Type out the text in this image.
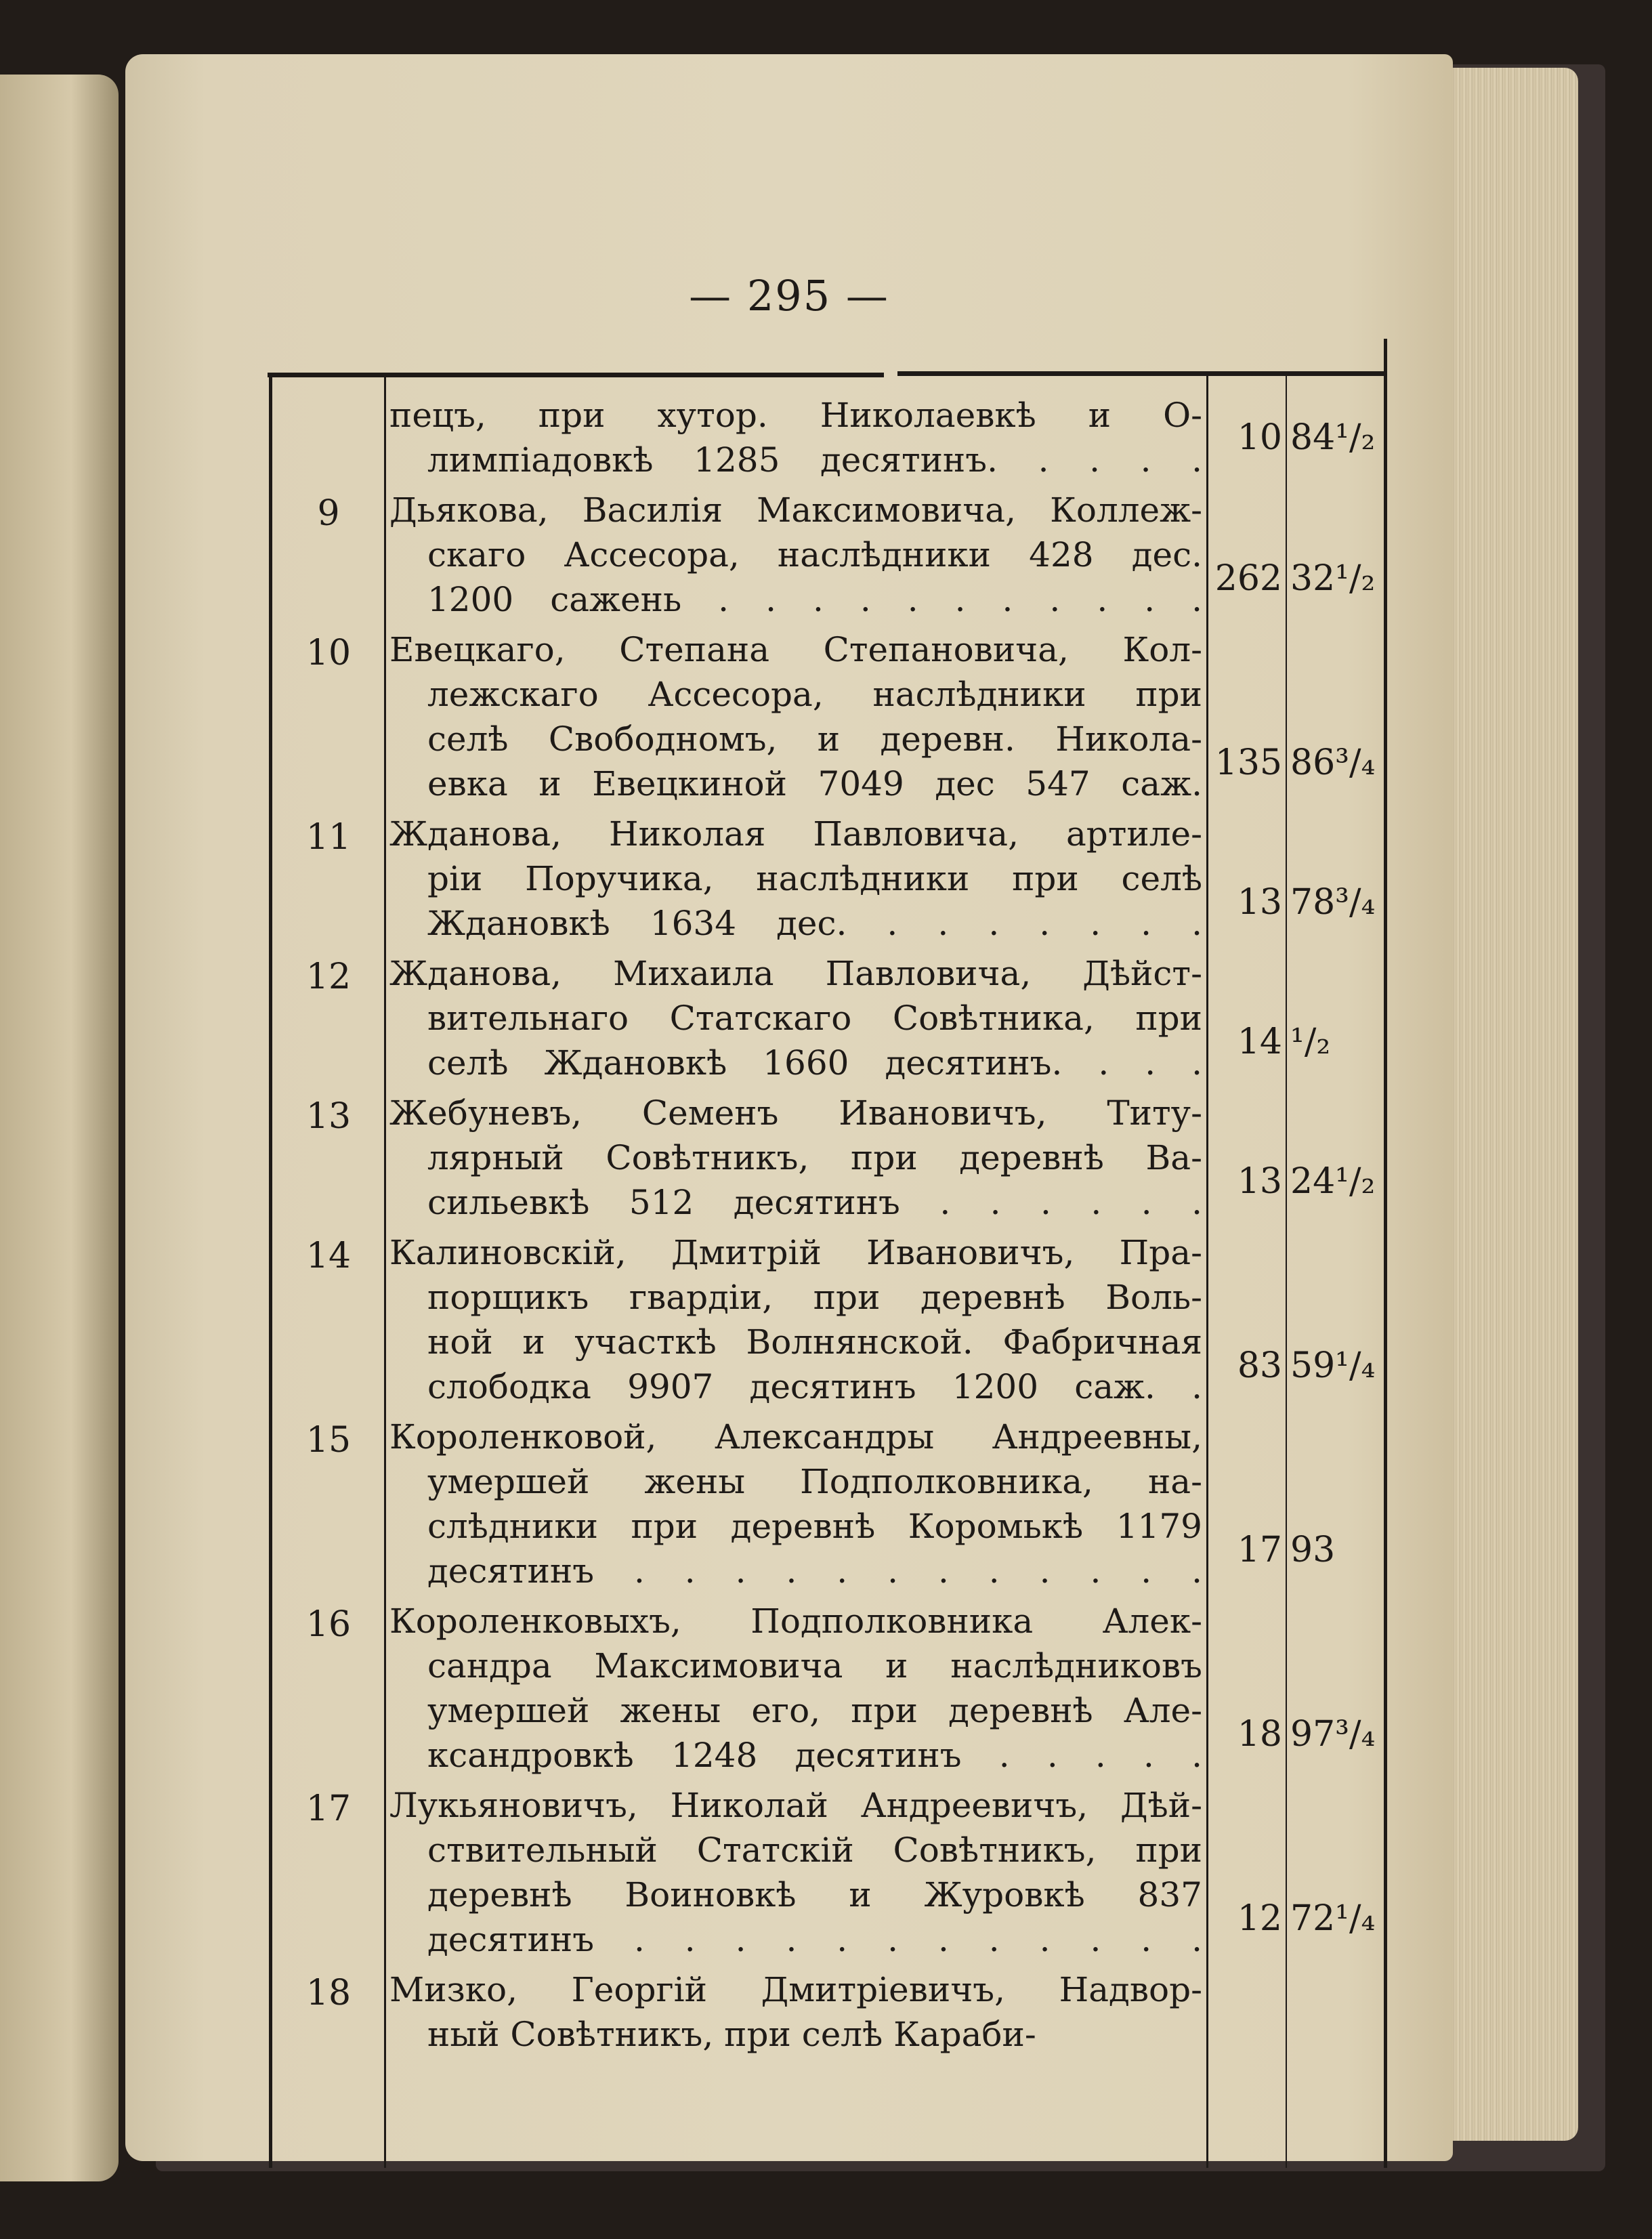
— 295 —
пецъ, при хутор. Николаевкѣ и О-
лимпіадовкѣ 1285 десятинъ. . . . .
10 84¹/₂
9	Дьякова, Василія Максимовича, Коллеж-
скаго Ассесора, наслѣдники 428 дес.
1200 сажень . . . . . . . . . . .
262 32¹/₂
10	Евецкаго, Степана Степановича, Кол-
лежскаго Ассесора, наслѣдники при
селѣ Свободномъ, и деревн. Никола-
евка и Евецкиной 7049 дес 547 саж.
135 86³/₄
11	Жданова, Николая Павловича, артиле-
ріи Поручика, наслѣдники при селѣ
Ждановкѣ 1634 дес. . . . . . . .
13 78³/₄
12	Жданова, Михаила Павловича, Дѣйст-
вительнаго Статскаго Совѣтника, при
селѣ Ждановкѣ 1660 десятинъ. . . .
14 ¹/₂
13	Жебуневъ, Семенъ Ивановичъ, Титу-
лярный Совѣтникъ, при деревнѣ Ва-
сильевкѣ 512 десятинъ . . . . . .
13 24¹/₂
14	Калиновскій, Дмитрій Ивановичъ, Пра-
порщикъ гвардіи, при деревнѣ Воль-
ной и участкѣ Волнянской. Фабричная
слободка 9907 десятинъ 1200 саж. .
83 59¹/₄
15	Короленковой, Александры Андреевны,
умершей жены Подполковника, на-
слѣдники при деревнѣ Коромькѣ 1179
десятинъ . . . . . . . . . . . .
17 93
16	Короленковыхъ, Подполковника Алек-
сандра Максимовича и наслѣдниковъ
умершей жены его, при деревнѣ Але-
ксандровкѣ 1248 десятинъ . . . . .
18 97³/₄
17	Лукьяновичъ, Николай Андреевичъ, Дѣй-
ствительный Статскій Совѣтникъ, при
деревнѣ Воиновкѣ и Журовкѣ 837
десятинъ . . . . . . . . . . . .
12 72¹/₄
18	Мизко, Георгій Дмитріевичъ, Надвор-
ный Совѣтникъ, при селѣ Караби-
